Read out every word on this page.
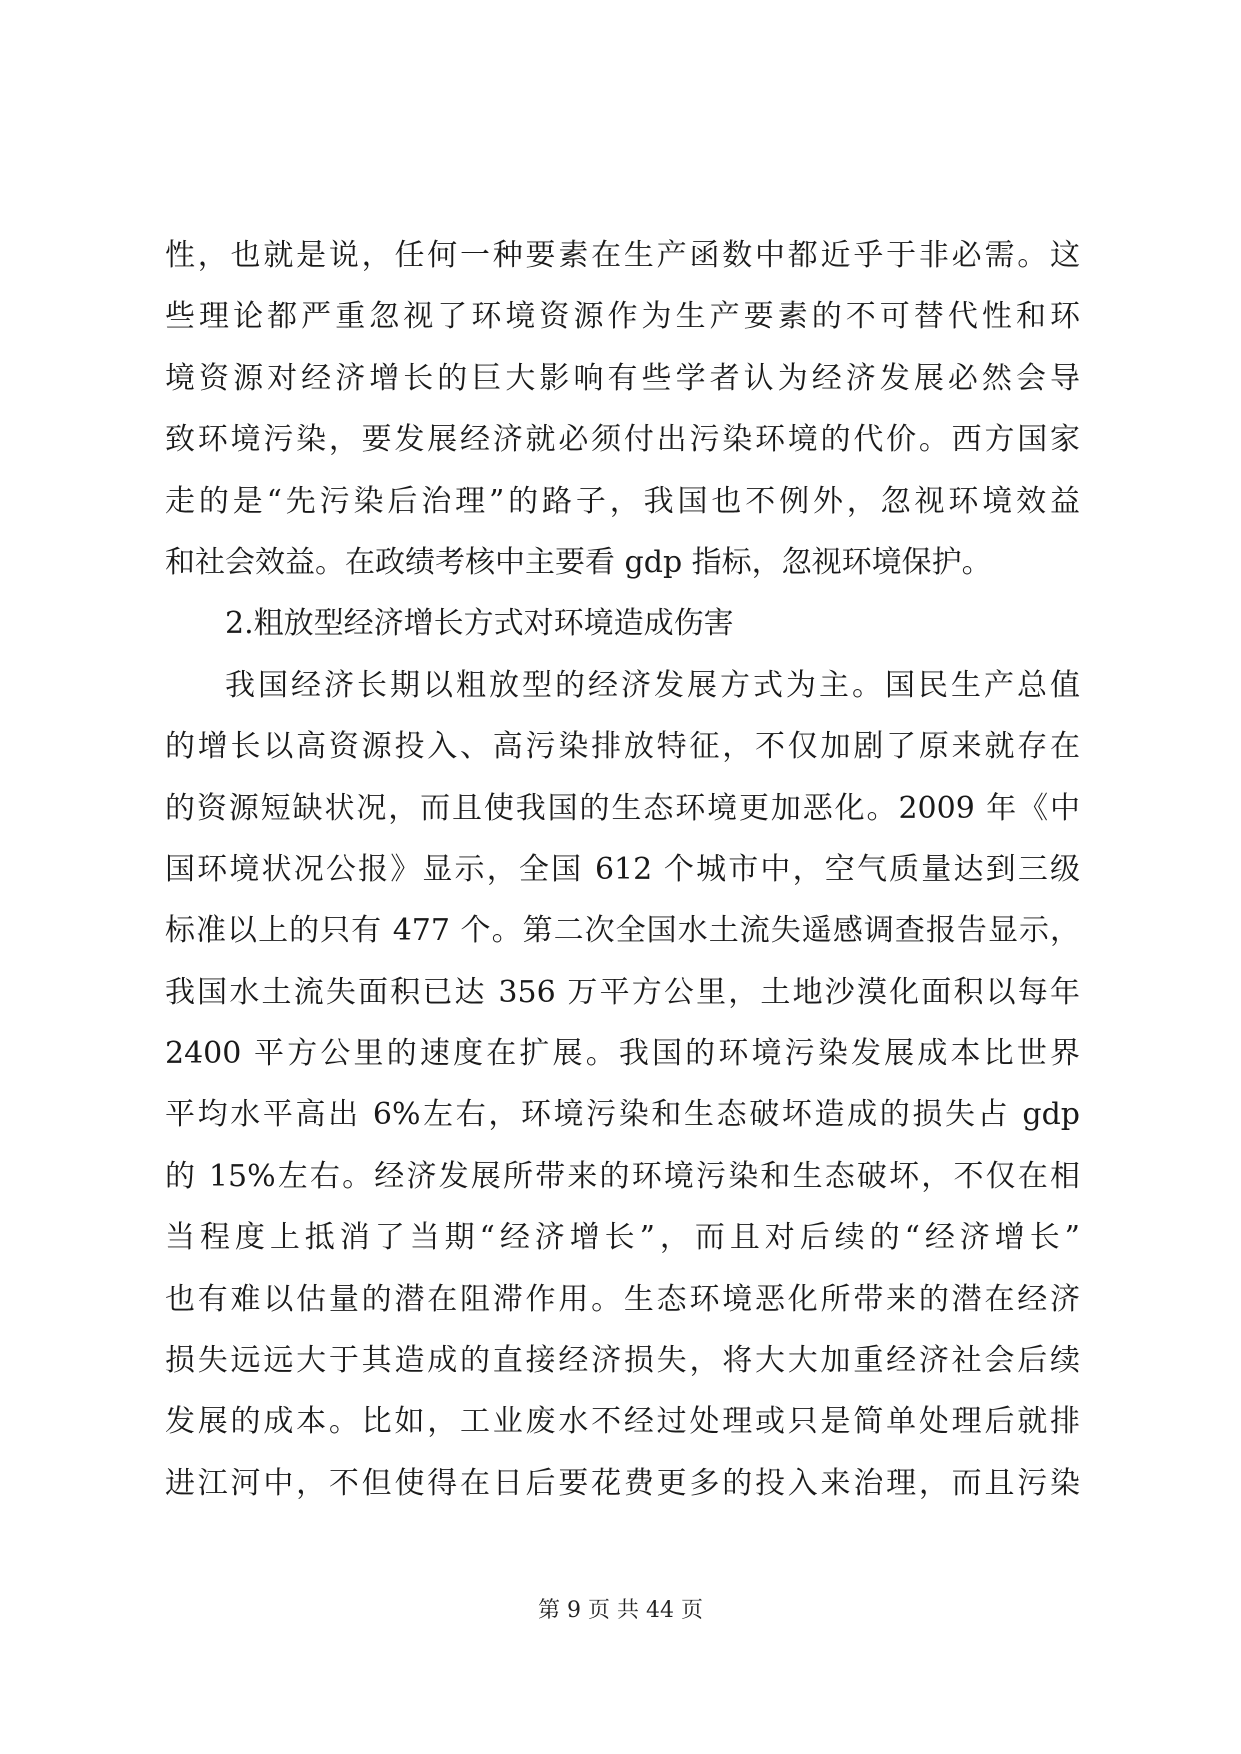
性，也就是说，任何一种要素在生产函数中都近乎于非必需。这
些理论都严重忽视了环境资源作为生产要素的不可替代性和环
境资源对经济增长的巨大影响有些学者认为经济发展必然会导
致环境污染，要发展经济就必须付出污染环境的代价。西方国家
走的是“先污染后治理”的路子，我国也不例外，忽视环境效益
和社会效益。在政绩考核中主要看 gdp 指标，忽视环境保护。
2.粗放型经济增长方式对环境造成伤害
我国经济长期以粗放型的经济发展方式为主。国民生产总值
的增长以高资源投入、高污染排放特征，不仅加剧了原来就存在
的资源短缺状况，而且使我国的生态环境更加恶化。2009 年《中
国环境状况公报》显示，全国 612 个城市中，空气质量达到三级
标准以上的只有 477 个。第二次全国水土流失遥感调查报告显示，
我国水土流失面积已达 356 万平方公里，土地沙漠化面积以每年
2400 平方公里的速度在扩展。我国的环境污染发展成本比世界
平均水平高出 6%左右，环境污染和生态破坏造成的损失占 gdp
的 15%左右。经济发展所带来的环境污染和生态破坏，不仅在相
当程度上抵消了当期“经济增长”，而且对后续的“经济增长”
也有难以估量的潜在阻滞作用。生态环境恶化所带来的潜在经济
损失远远大于其造成的直接经济损失，将大大加重经济社会后续
发展的成本。比如，工业废水不经过处理或只是简单处理后就排
进江河中，不但使得在日后要花费更多的投入来治理，而且污染
第 9 页 共 44 页
